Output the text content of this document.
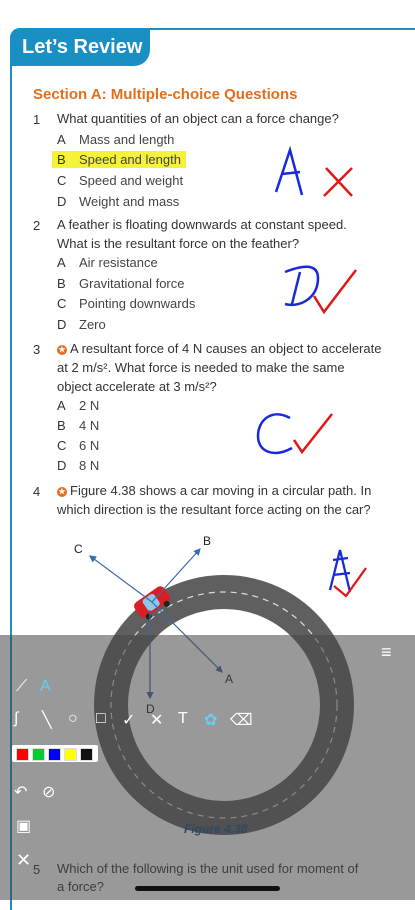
Let’s Review
Section A: Multiple-choice Questions
1 What quantities of an object can a force change?
A Mass and length
B Speed and length
C Speed and weight
D Weight and mass
2 A feather is floating downwards at constant speed.
What is the resultant force on the feather?
A Air resistance
B Gravitational force
C Pointing downwards
D Zero
3 ★ A resultant force of 4 N causes an object to accelerate
at 2 m/s². What force is needed to make the same
object accelerate at 3 m/s²?
A 2 N
B 4 N
C 6 N
D 8 N
4 ★ Figure 4.38 shows a car moving in a circular path. In
which direction is the resultant force acting on the car?
C
B
≡
⟋ A
∫ ╲ ○ □ ✓ ✕ T ✿ ⌫
↶ ⊘
▣
✕
